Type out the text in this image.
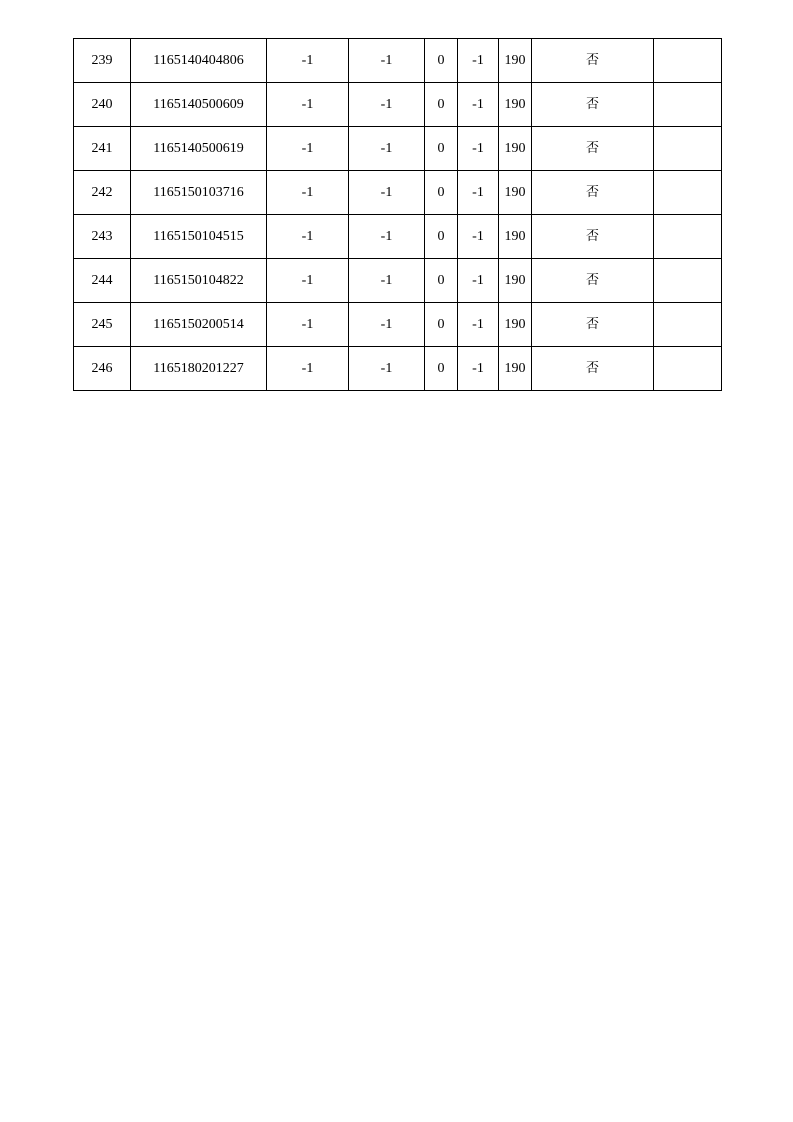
239	1165140404806	-1	-1	0	-1	190	否	
240	1165140500609	-1	-1	0	-1	190	否	
241	1165140500619	-1	-1	0	-1	190	否	
242	1165150103716	-1	-1	0	-1	190	否	
243	1165150104515	-1	-1	0	-1	190	否	
244	1165150104822	-1	-1	0	-1	190	否	
245	1165150200514	-1	-1	0	-1	190	否	
246	1165180201227	-1	-1	0	-1	190	否	
